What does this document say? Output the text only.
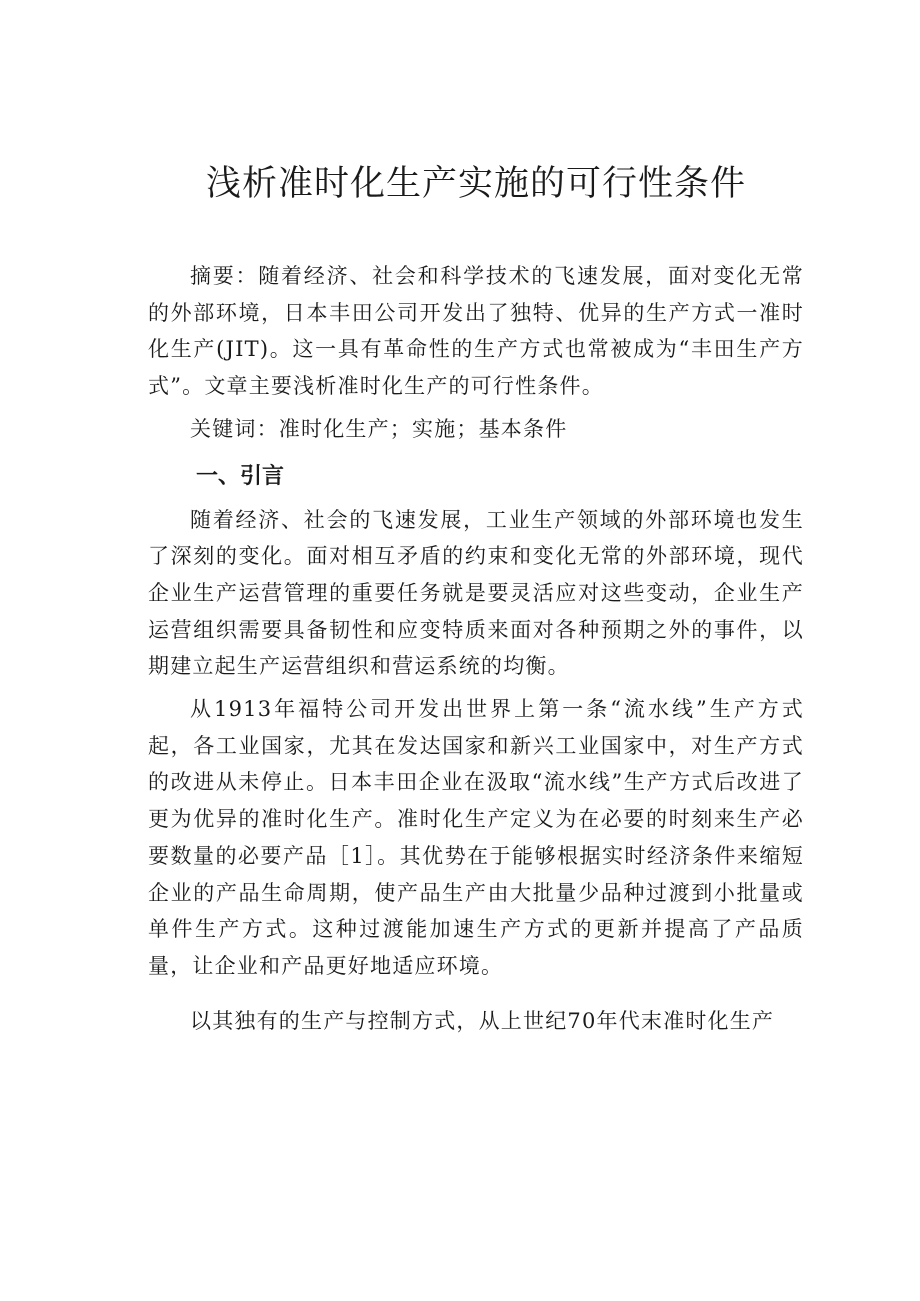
浅析准时化生产实施的可行性条件

摘要：随着经济、社会和科学技术的飞速发展，面对变化无常的外部环境，日本丰田公司开发出了独特、优异的生产方式一准时化生产(JIT)。这一具有革命性的生产方式也常被成为“丰田生产方式”。文章主要浅析准时化生产的可行性条件。

关键词：准时化生产；实施；基本条件

一、引言

随着经济、社会的飞速发展，工业生产领域的外部环境也发生了深刻的变化。面对相互矛盾的约束和变化无常的外部环境，现代企业生产运营管理的重要任务就是要灵活应对这些变动，企业生产运营组织需要具备韧性和应变特质来面对各种预期之外的事件，以期建立起生产运营组织和营运系统的均衡。

从1913年福特公司开发出世界上第一条“流水线”生产方式起，各工业国家，尤其在发达国家和新兴工业国家中，对生产方式的改进从未停止。日本丰田企业在汲取“流水线”生产方式后改进了更为优异的准时化生产。准时化生产定义为在必要的时刻来生产必要数量的必要产品［1］。其优势在于能够根据实时经济条件来缩短企业的产品生命周期，使产品生产由大批量少品种过渡到小批量或单件生产方式。这种过渡能加速生产方式的更新并提高了产品质量，让企业和产品更好地适应环境。

以其独有的生产与控制方式，从上世纪70年代末准时化生产
